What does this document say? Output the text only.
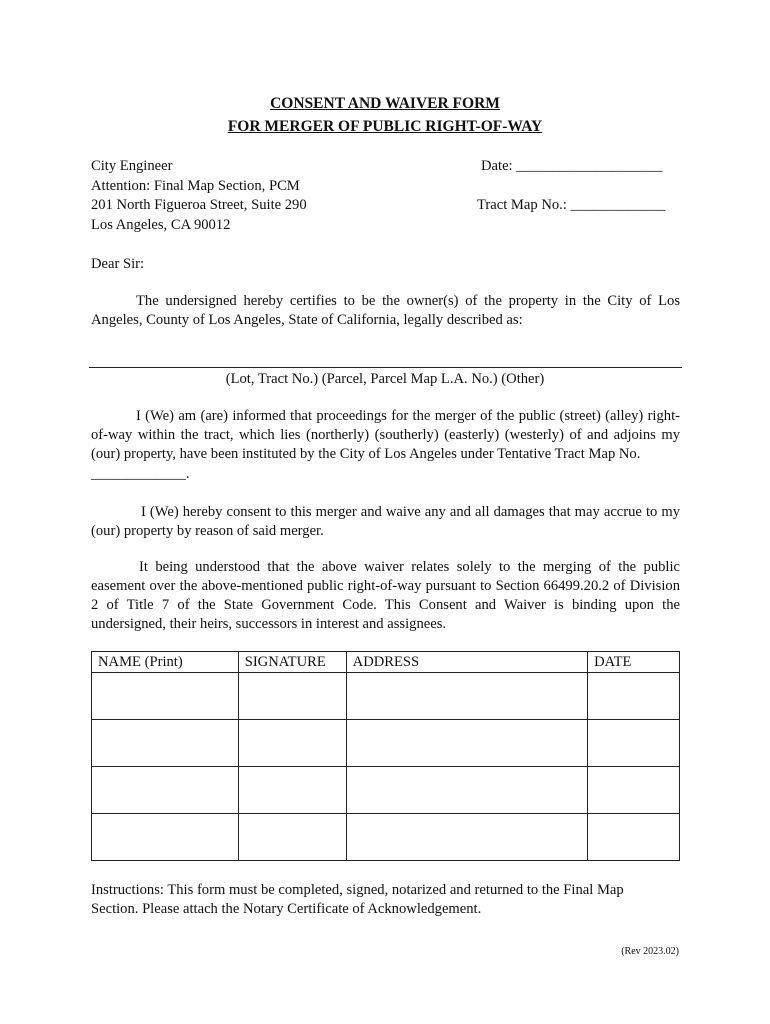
CONSENT AND WAIVER FORM
FOR MERGER OF PUBLIC RIGHT-OF-WAY
City Engineer
Attention: Final Map Section, PCM
201 North Figueroa Street, Suite 290
Los Angeles, CA 90012
Date: ____________________
Tract Map No.: _____________
Dear Sir:
The undersigned hereby certifies to be the owner(s) of the property in the City of Los Angeles, County of Los Angeles, State of California, legally described as:
(Lot, Tract No.) (Parcel, Parcel Map L.A. No.) (Other)
I (We) am (are) informed that proceedings for the merger of the public (street) (alley) right-of-way within the tract, which lies (northerly) (southerly) (easterly) (westerly) of and adjoins my (our) property, have been instituted by the City of Los Angeles under Tentative Tract Map No.
_____________.
I (We) hereby consent to this merger and waive any and all damages that may accrue to my (our) property by reason of said merger.
It being understood that the above waiver relates solely to the merging of the public easement over the above-mentioned public right-of-way pursuant to Section 66499.20.2 of Division 2 of Title 7 of the State Government Code. This Consent and Waiver is binding upon the undersigned, their heirs, successors in interest and assignees.
NAME (Print)	SIGNATURE	ADDRESS	DATE

Instructions: This form must be completed, signed, notarized and returned to the Final Map Section. Please attach the Notary Certificate of Acknowledgement.
(Rev 2023.02)
